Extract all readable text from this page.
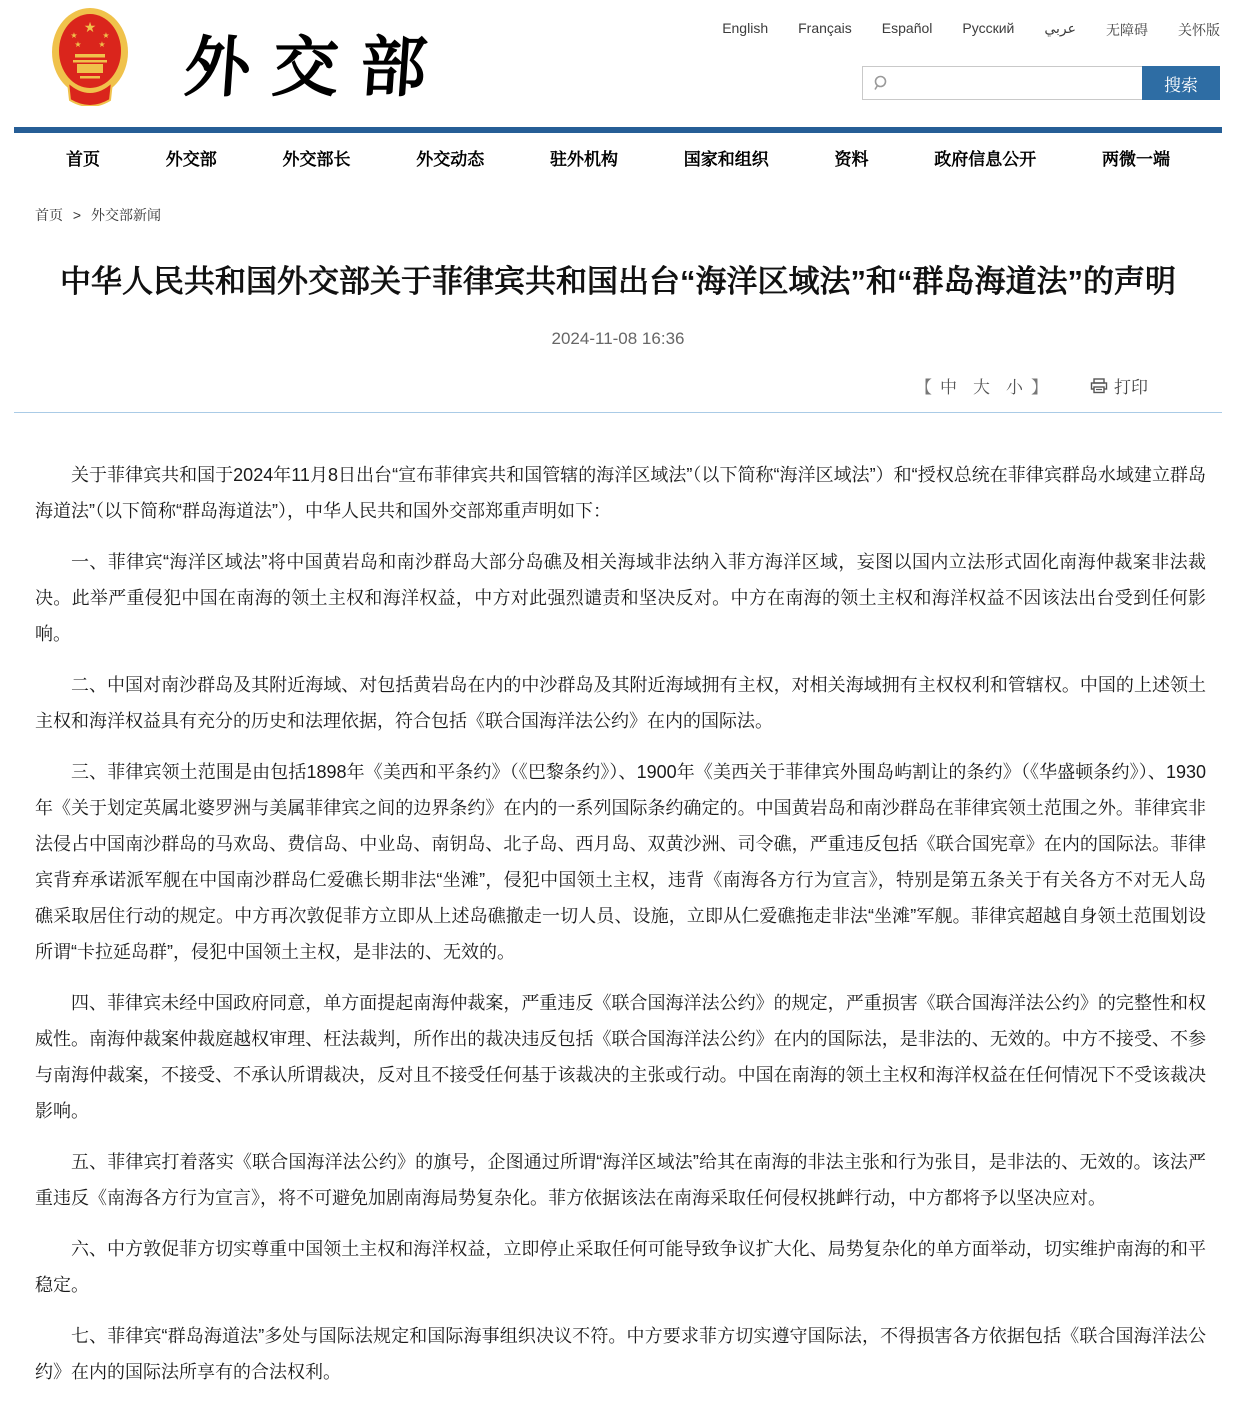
★
★	★
★ ★ 外交部	English Français Español Русский عربي 无障碍 关怀版
搜索
首页	外交部	外交部长	外交动态	驻外机构	国家和组织	资料	政府信息公开	两微一端
首页 > 外交部新闻
中华人民共和国外交部关于菲律宾共和国出台“海洋区域法”和“群岛海道法”的声明
2024-11-08 16:36
【 中 大 小 】	打印

关于菲律宾共和国于2024年11月8日出台“宣布菲律宾共和国管辖的海洋区域法”（以下简称“海洋区域法”）和“授权总统在菲律宾群岛水域建立群岛海道法”（以下简称“群岛海道法”），中华人民共和国外交部郑重声明如下：

一、菲律宾“海洋区域法”将中国黄岩岛和南沙群岛大部分岛礁及相关海域非法纳入菲方海洋区域，妄图以国内立法形式固化南海仲裁案非法裁决。此举严重侵犯中国在南海的领土主权和海洋权益，中方对此强烈谴责和坚决反对。中方在南海的领土主权和海洋权益不因该法出台受到任何影响。

二、中国对南沙群岛及其附近海域、对包括黄岩岛在内的中沙群岛及其附近海域拥有主权，对相关海域拥有主权权利和管辖权。中国的上述领土主权和海洋权益具有充分的历史和法理依据，符合包括《联合国海洋法公约》在内的国际法。

三、菲律宾领土范围是由包括1898年《美西和平条约》（《巴黎条约》）、1900年《美西关于菲律宾外围岛屿割让的条约》（《华盛顿条约》）、1930年《关于划定英属北婆罗洲与美属菲律宾之间的边界条约》在内的一系列国际条约确定的。中国黄岩岛和南沙群岛在菲律宾领土范围之外。菲律宾非法侵占中国南沙群岛的马欢岛、费信岛、中业岛、南钥岛、北子岛、西月岛、双黄沙洲、司令礁，严重违反包括《联合国宪章》在内的国际法。菲律宾背弃承诺派军舰在中国南沙群岛仁爱礁长期非法“坐滩”，侵犯中国领土主权，违背《南海各方行为宣言》，特别是第五条关于有关各方不对无人岛礁采取居住行动的规定。中方再次敦促菲方立即从上述岛礁撤走一切人员、设施，立即从仁爱礁拖走非法“坐滩”军舰。菲律宾超越自身领土范围划设所谓“卡拉延岛群”，侵犯中国领土主权，是非法的、无效的。

四、菲律宾未经中国政府同意，单方面提起南海仲裁案，严重违反《联合国海洋法公约》的规定，严重损害《联合国海洋法公约》的完整性和权威性。南海仲裁案仲裁庭越权审理、枉法裁判，所作出的裁决违反包括《联合国海洋法公约》在内的国际法，是非法的、无效的。中方不接受、不参与南海仲裁案，不接受、不承认所谓裁决，反对且不接受任何基于该裁决的主张或行动。中国在南海的领土主权和海洋权益在任何情况下不受该裁决影响。

五、菲律宾打着落实《联合国海洋法公约》的旗号，企图通过所谓“海洋区域法”给其在南海的非法主张和行为张目，是非法的、无效的。该法严重违反《南海各方行为宣言》，将不可避免加剧南海局势复杂化。菲方依据该法在南海采取任何侵权挑衅行动，中方都将予以坚决应对。

六、中方敦促菲方切实尊重中国领土主权和海洋权益，立即停止采取任何可能导致争议扩大化、局势复杂化的单方面举动，切实维护南海的和平稳定。

七、菲律宾“群岛海道法”多处与国际法规定和国际海事组织决议不符。中方要求菲方切实遵守国际法，不得损害各方依据包括《联合国海洋法公约》在内的国际法所享有的合法权利。
